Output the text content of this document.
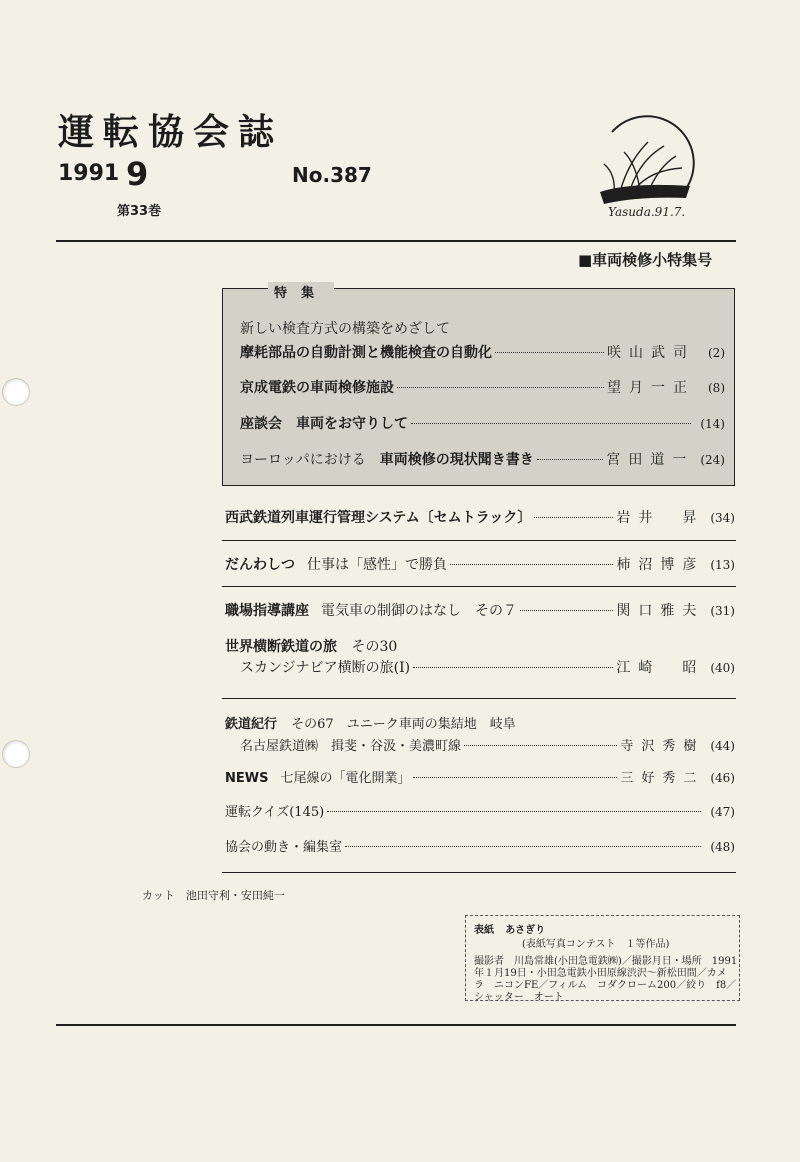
運転協会誌
1991 9
第33巻
No.387
Yasuda.91.7.
■車両検修小特集号
特集
新しい検査方式の構築をめざして
摩耗部品の自動計測と機能検査の自動化	咲山武司	(2)
京成電鉄の車両検修施設	望月一正	(8)
座談会　車両をお守りして	(14)
ヨーロッパにおける 車両検修の現状聞き書き	宮田道一 (24)
西武鉄道列車運行管理システム〔セムトラック〕	岩井　昇 (34)
だんわしつ 仕事は「感性」で勝負	柿沼博彦 (13)
職場指導講座 電気車の制御のはなし　その７	関口雅夫 (31)
世界横断鉄道の旅 その30
スカンジナビア横断の旅(Ⅰ)	江崎　昭 (40)
鉄道紀行 その67　ユニーク車両の集結地　岐阜
名古屋鉄道㈱　揖斐・谷汲・美濃町線	寺沢秀樹 (44)
NEWS 七尾線の「電化開業」	三好秀二 (46)
運転クイズ(145)	(47)
協会の動き・編集室	(48)
カット　池田守利・安田純一
表紙 あさぎり
(表紙写真コンテスト　１等作品)
撮影者　川島常雄(小田急電鉄㈱)／撮影月日・場所　1991
年１月19日・小田急電鉄小田原線渋沢～新松田間／カメ
ラ　ニコンFE／フィルム　コダクローム200／絞り　f8／
シャッター　オート
